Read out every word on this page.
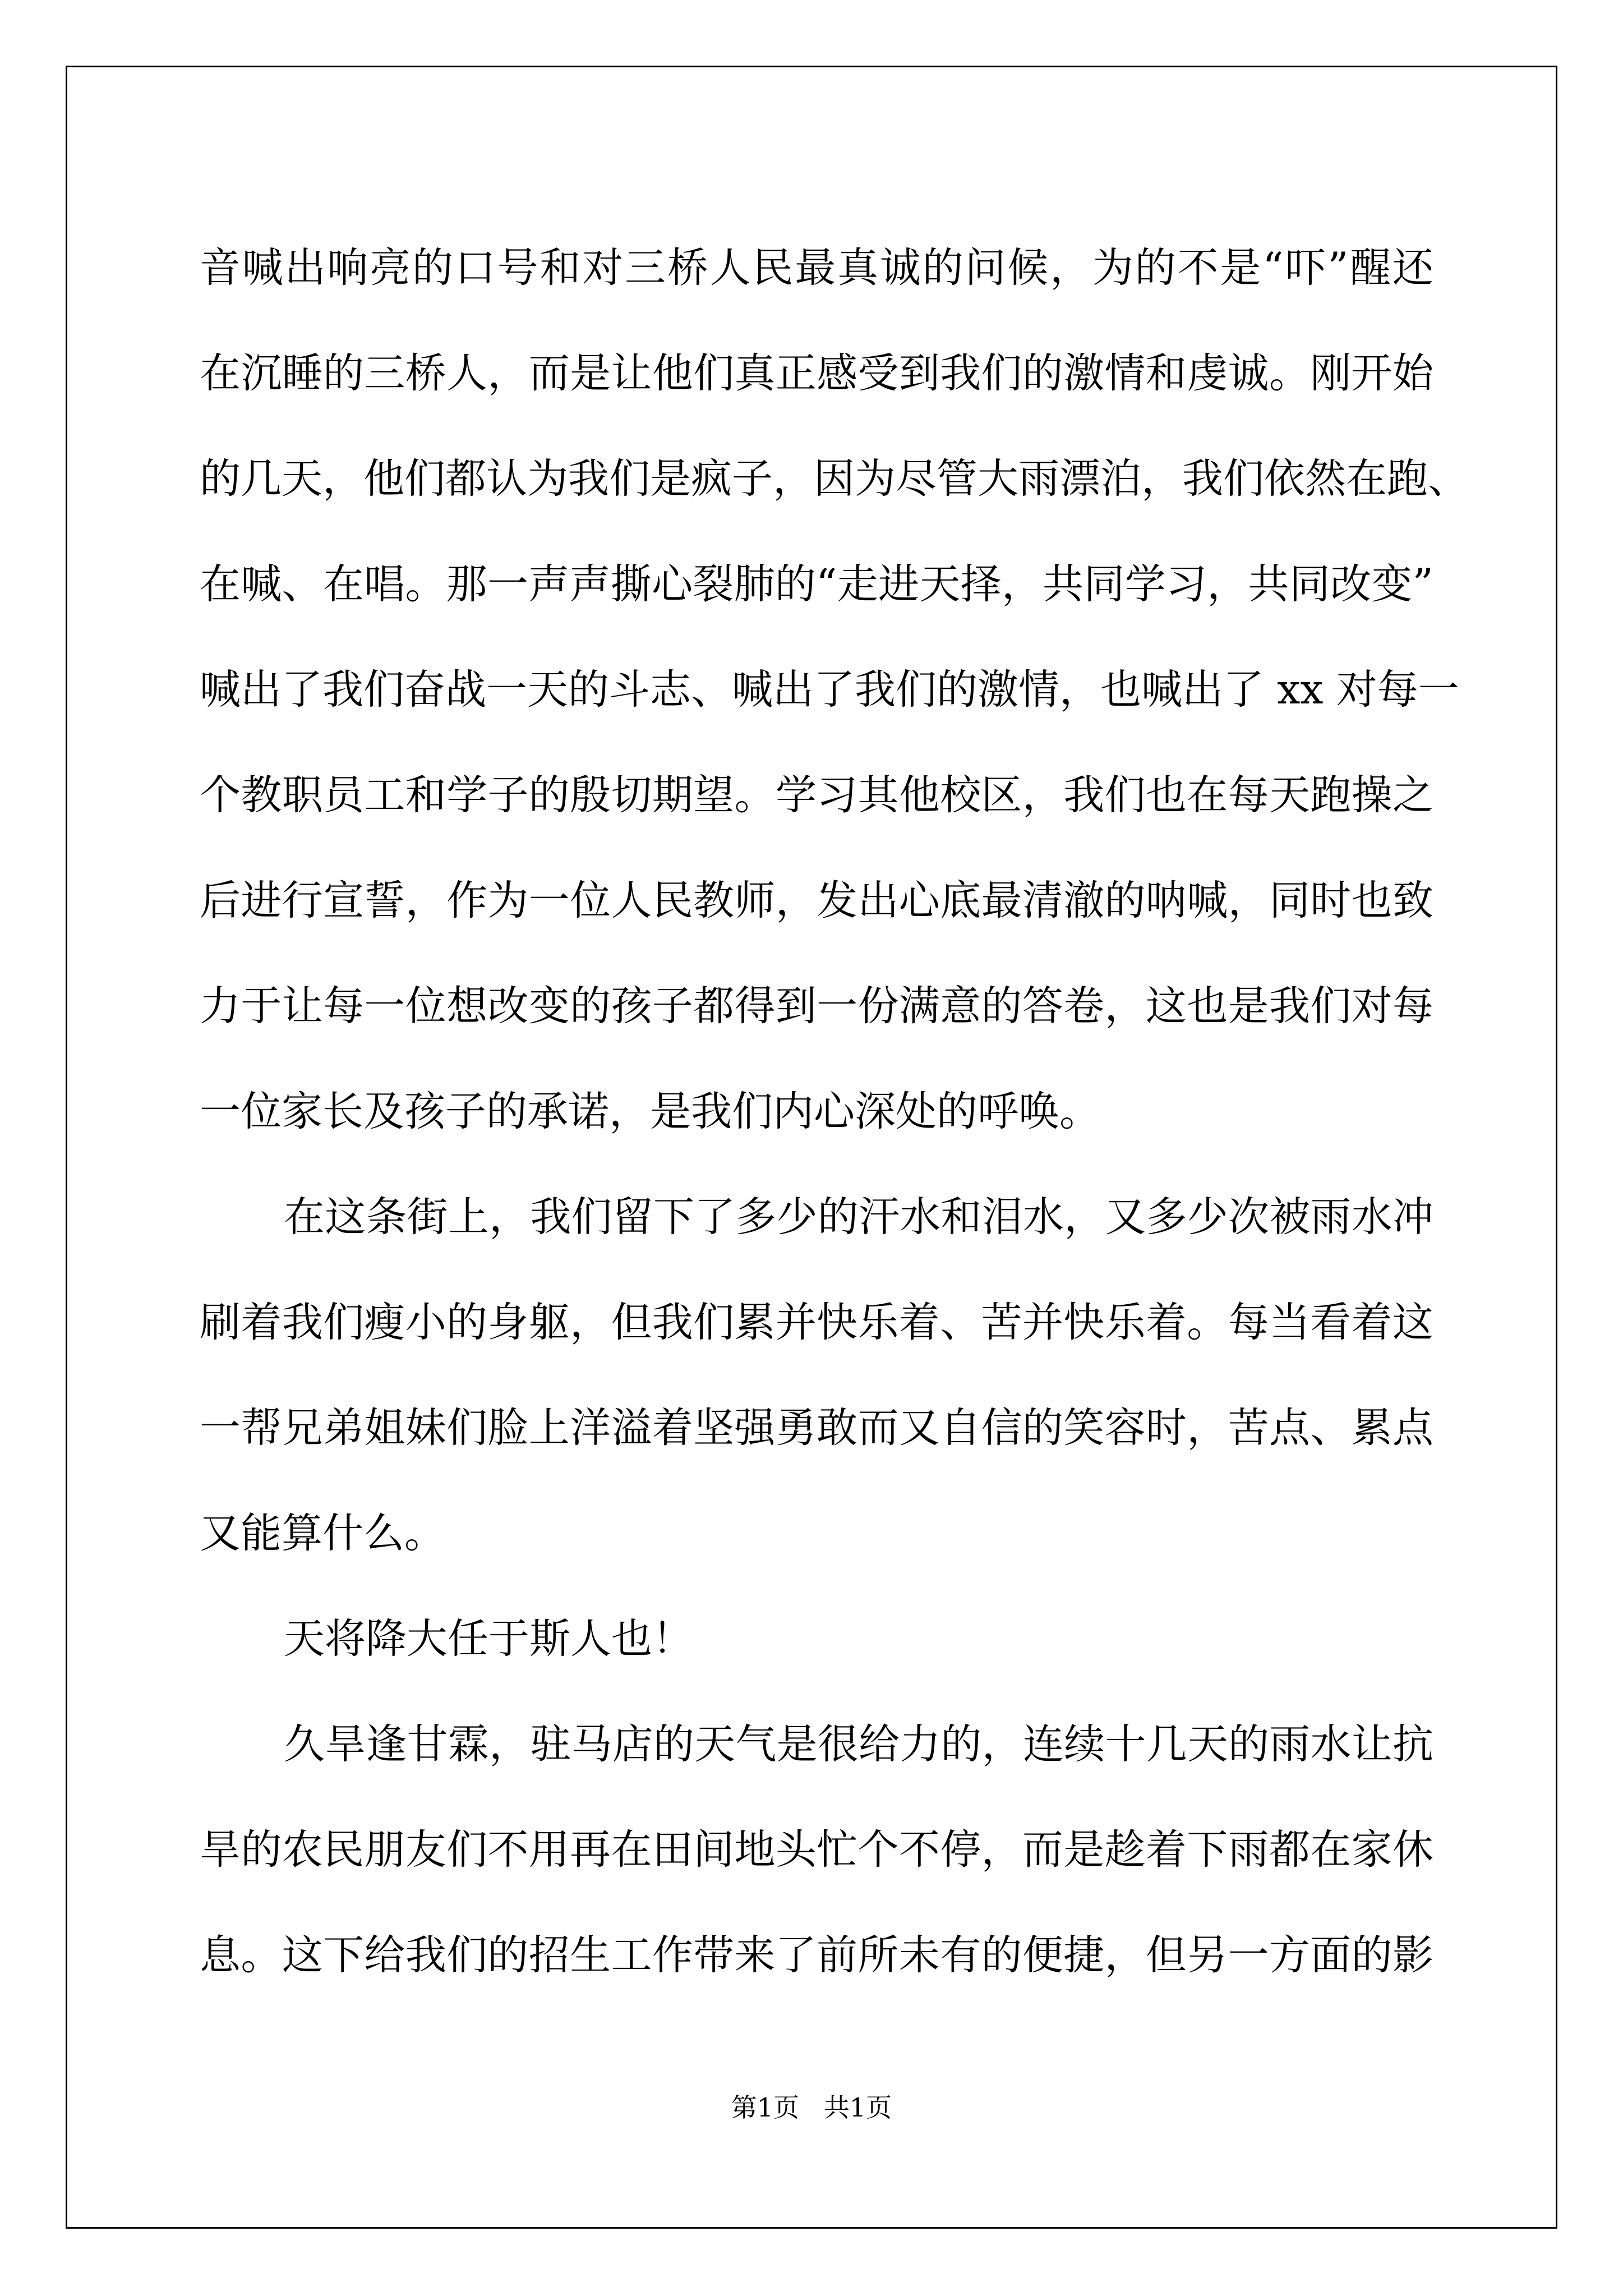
音喊出响亮的口号和对三桥人民最真诚的问候，为的不是“吓”醒还
在沉睡的三桥人，而是让他们真正感受到我们的激情和虔诚。刚开始
的几天，他们都认为我们是疯子，因为尽管大雨漂泊，我们依然在跑、
在喊、在唱。那一声声撕心裂肺的“走进天择，共同学习，共同改变”
喊出了我们奋战一天的斗志、喊出了我们的激情，也喊出了 xx 对每一
个教职员工和学子的殷切期望。学习其他校区，我们也在每天跑操之
后进行宣誓，作为一位人民教师，发出心底最清澈的呐喊，同时也致
力于让每一位想改变的孩子都得到一份满意的答卷，这也是我们对每
一位家长及孩子的承诺，是我们内心深处的呼唤。
在这条街上，我们留下了多少的汗水和泪水，又多少次被雨水冲
刷着我们瘦小的身躯，但我们累并快乐着、苦并快乐着。每当看着这
一帮兄弟姐妹们脸上洋溢着坚强勇敢而又自信的笑容时，苦点、累点
又能算什么。
天将降大任于斯人也！
久旱逢甘霖，驻马店的天气是很给力的，连续十几天的雨水让抗
旱的农民朋友们不用再在田间地头忙个不停，而是趁着下雨都在家休
息。这下给我们的招生工作带来了前所未有的便捷，但另一方面的影
第1页   共1页
